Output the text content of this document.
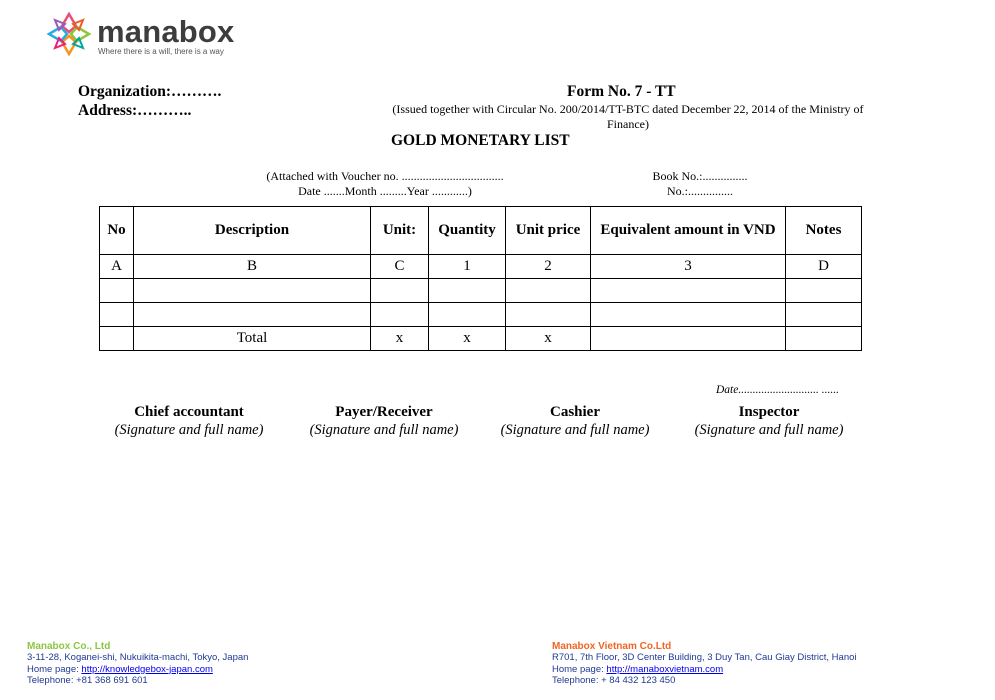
manabox
Where there is a will, there is a way
Organization:……….
Address:………..
Form No. 7 - TT
(Issued together with Circular No. 200/2014/TT-BTC dated December 22, 2014 of the Ministry of Finance)
GOLD MONETARY LIST
(Attached with Voucher no. ..................................
Date .......Month .........Year ............)
Book No.:...............
No.:...............
No	Description	Unit:	Quantity	Unit price	Equivalent amount in VND	Notes
A	B	C	1	2	3	D

	Total	x	x	x		
Date............................ ......
Chief accountant
(Signature and full name)
Payer/Receiver
(Signature and full name)
Cashier
(Signature and full name)
Inspector
(Signature and full name)
Manabox Co., Ltd
3-11-28, Koganei-shi, Nukuikita-machi, Tokyo, Japan
Home page: http://knowledgebox-japan.com
Telephone: +81 368 691 601
Manabox Vietnam Co.Ltd
R701, 7th Floor, 3D Center Building, 3 Duy Tan, Cau Giay District, Hanoi
Home page: http://manaboxvietnam.com
Telephone: + 84 432 123 450
